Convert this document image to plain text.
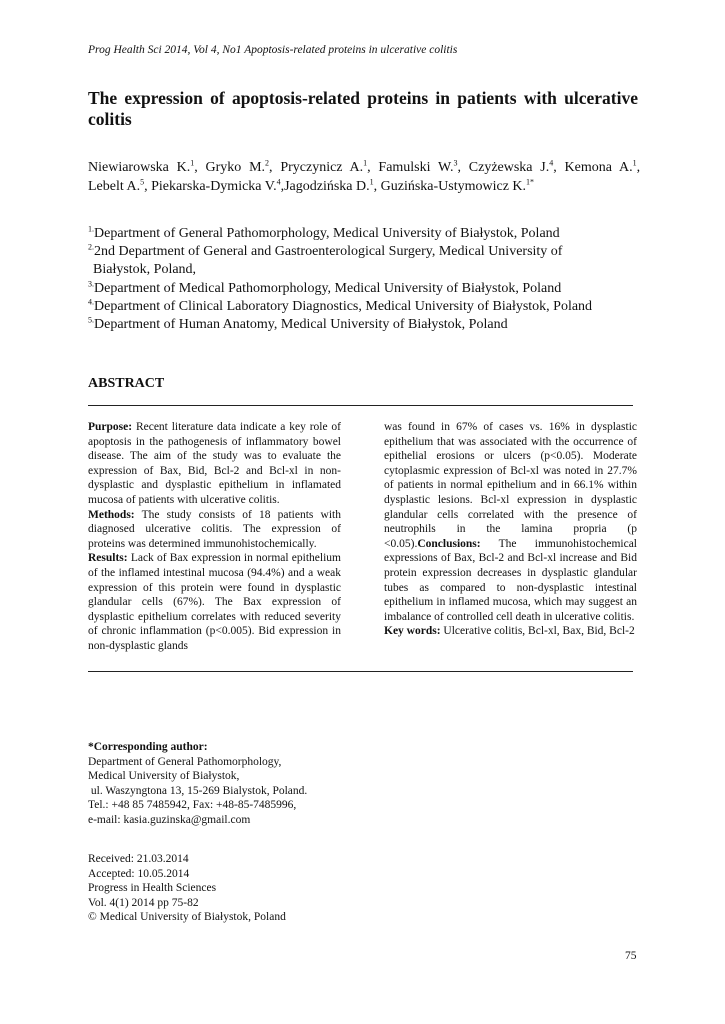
Prog Health Sci 2014, Vol 4, No1 Apoptosis-related proteins in ulcerative colitis
The expression of apoptosis-related proteins in patients with ulcerative
colitis
Niewiarowska K.$^1$, Gryko M.$^2$, Pryczynicz A.$^1$, Famulski W.$^3$, Czyżewska J.$^4$, Kemona A.$^1$,
Lebelt A.$^5$, Piekarska-Dymicka V.$^4$,Jagodzińska D.$^1$, Guzińska-Ustymowicz K.$^{1*}$
$^{1.}$Department of General Pathomorphology, Medical University of Białystok, Poland
$^{2.}$2nd Department of General and Gastroenterological Surgery, Medical University of
Białystok, Poland,
$^{3.}$Department of Medical Pathomorphology, Medical University of Białystok, Poland
$^{4.}$Department of Clinical Laboratory Diagnostics, Medical University of Białystok, Poland
$^{5.}$Department of Human Anatomy, Medical University of Białystok, Poland
ABSTRACT

Purpose: Recent literature data indicate a key role of apoptosis in the pathogenesis of inflammatory bowel disease. The aim of the study was to evaluate the expression of Bax, Bid, Bcl-2 and Bcl-xl in non-dysplastic and dysplastic epithelium in inflamated mucosa of patients with ulcerative colitis.

Methods: The study consists of 18 patients with diagnosed ulcerative colitis. The expression of proteins was determined immunohistochemically.

Results: Lack of Bax expression in normal epithelium of the inflamed intestinal mucosa (94.4%) and a weak expression of this protein were found in dysplastic glandular cells (67%). The Bax expression of dysplastic epithelium correlates with reduced severity of chronic inflammation (p<0.005). Bid expression in non-dysplastic glands

was found in 67% of cases vs. 16% in dysplastic epithelium that was associated with the occurrence of epithelial erosions or ulcers (p<0.05). Moderate cytoplasmic expression of Bcl-xl was noted in 27.7% of patients in normal epithelium and in 66.1% within dysplastic lesions. Bcl-xl expression in dysplastic glandular cells correlated with the presence of neutrophils in the lamina propria (p <0.05).Conclusions: The immunohistochemical expressions of Bax, Bcl-2 and Bcl-xl increase and Bid protein expression decreases in dysplastic glandular tubes as compared to non-dysplastic intestinal epithelium in inflamed mucosa, which may suggest an imbalance of controlled cell death in ulcerative colitis.

Key words: Ulcerative colitis, Bcl-xl, Bax, Bid, Bcl-2

*Corresponding author:
Department of General Pathomorphology,
Medical University of Białystok,
ul. Waszyngtona 13, 15-269 Bialystok, Poland.
Tel.: +48 85 7485942, Fax: +48-85-7485996,
e-mail: kasia.guzinska@gmail.com
Received: 21.03.2014
Accepted: 10.05.2014
Progress in Health Sciences
Vol. 4(1) 2014 pp 75-82
© Medical University of Białystok, Poland
75
